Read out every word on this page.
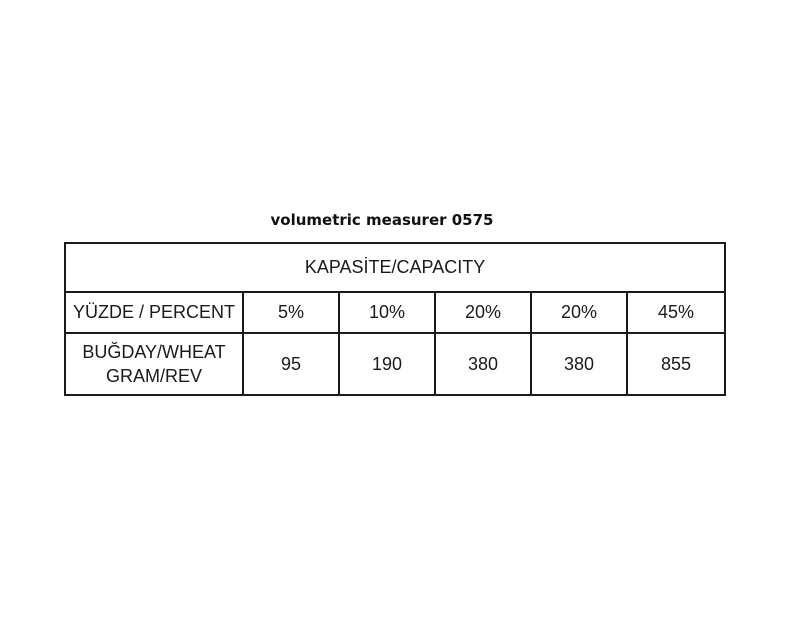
volumetric measurer 0575
KAPASİTE/CAPACITY					
YÜZDE / PERCENT	5%	10%	20%	20%	45%

BUĞDAY/WHEAT
GRAM/REV	95	190	380	380	855
